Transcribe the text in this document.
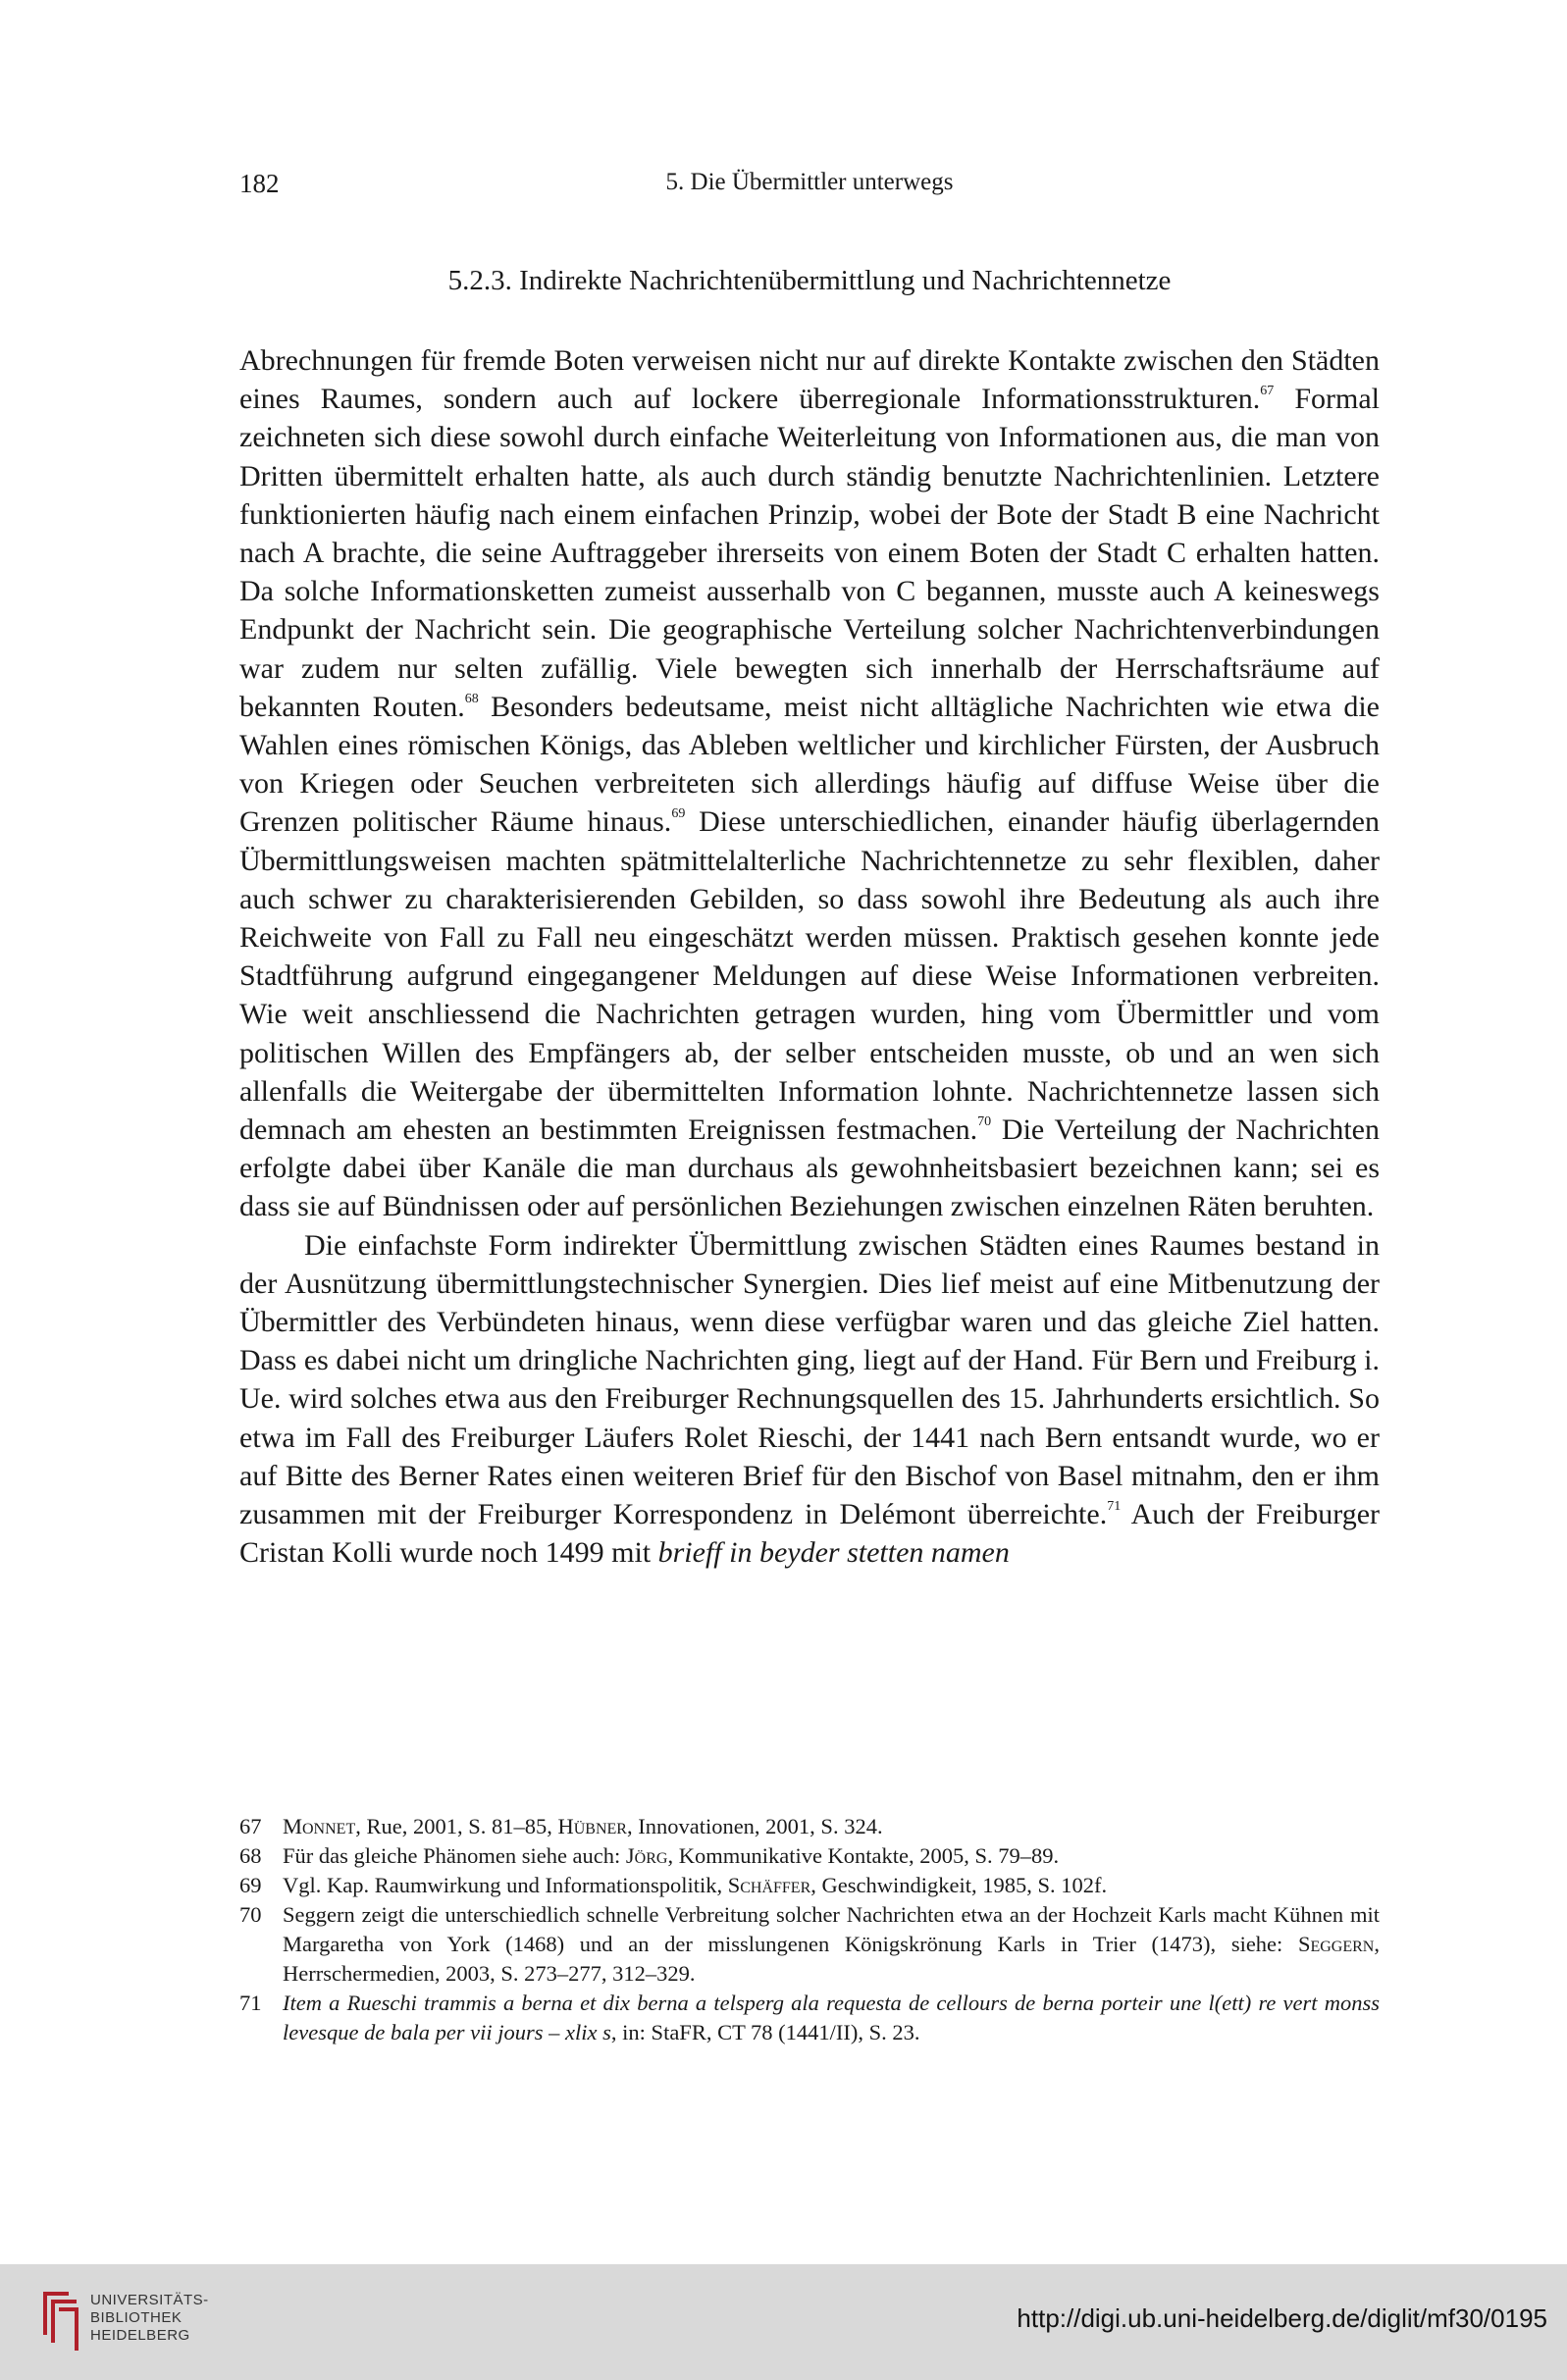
182	5. Die Übermittler unterwegs
5.2.3. Indirekte Nachrichtenübermittlung und Nachrichtennetze

Abrechnungen für fremde Boten verweisen nicht nur auf direkte Kontakte zwischen den Städten eines Raumes, sondern auch auf lockere überregionale Informationsstrukturen.$^{67}$ Formal zeichneten sich diese sowohl durch einfache Weiterleitung von Informationen aus, die man von Dritten übermittelt erhalten hatte, als auch durch ständig benutzte Nachrichtenlinien. Letztere funktionierten häufig nach einem einfachen Prinzip, wobei der Bote der Stadt B eine Nachricht nach A brachte, die seine Auftraggeber ihrerseits von einem Boten der Stadt C erhalten hatten. Da solche Informationsketten zumeist ausserhalb von C begannen, musste auch A keineswegs Endpunkt der Nachricht sein. Die geographische Verteilung solcher Nachrichtenverbindungen war zudem nur selten zufällig. Viele bewegten sich innerhalb der Herrschaftsräume auf bekannten Routen.$^{68}$ Besonders bedeutsame, meist nicht alltägliche Nachrichten wie etwa die Wahlen eines römischen Königs, das Ableben weltlicher und kirchlicher Fürsten, der Ausbruch von Kriegen oder Seuchen verbreiteten sich allerdings häufig auf diffuse Weise über die Grenzen politischer Räume hinaus.$^{69}$ Diese unterschiedlichen, einander häufig überlagernden Übermittlungsweisen machten spätmittelalterliche Nachrichtennetze zu sehr flexiblen, daher auch schwer zu charakterisierenden Gebilden, so dass sowohl ihre Bedeutung als auch ihre Reichweite von Fall zu Fall neu eingeschätzt werden müssen. Praktisch gesehen konnte jede Stadtführung aufgrund eingegangener Meldungen auf diese Weise Informationen verbreiten. Wie weit anschliessend die Nachrichten getragen wurden, hing vom Übermittler und vom politischen Willen des Empfängers ab, der selber entscheiden musste, ob und an wen sich allenfalls die Weitergabe der übermittelten Information lohnte. Nachrichtennetze lassen sich demnach am ehesten an bestimmten Ereignissen festmachen.$^{70}$ Die Verteilung der Nachrichten erfolgte dabei über Kanäle die man durchaus als gewohnheitsbasiert bezeichnen kann; sei es dass sie auf Bündnissen oder auf persönlichen Beziehungen zwischen einzelnen Räten beruhten.

Die einfachste Form indirekter Übermittlung zwischen Städten eines Raumes bestand in der Ausnützung übermittlungstechnischer Synergien. Dies lief meist auf eine Mitbenutzung der Übermittler des Verbündeten hinaus, wenn diese verfügbar waren und das gleiche Ziel hatten. Dass es dabei nicht um dringliche Nachrichten ging, liegt auf der Hand. Für Bern und Freiburg i. Ue. wird solches etwa aus den Freiburger Rechnungsquellen des 15. Jahrhunderts ersichtlich. So etwa im Fall des Freiburger Läufers Rolet Rieschi, der 1441 nach Bern entsandt wurde, wo er auf Bitte des Berner Rates einen weiteren Brief für den Bischof von Basel mitnahm, den er ihm zusammen mit der Freiburger Korrespondenz in Delémont überreichte.$^{71}$ Auch der Freiburger Cristan Kolli wurde noch 1499 mit brieff in beyder stetten namen

67 Monnet, Rue, 2001, S. 81–85, Hübner, Innovationen, 2001, S. 324.
68 Für das gleiche Phänomen siehe auch: Jörg, Kommunikative Kontakte, 2005, S. 79–89.
69 Vgl. Kap. Raumwirkung und Informationspolitik, Schäffer, Geschwindigkeit, 1985, S. 102f.
70 Seggern zeigt die unterschiedlich schnelle Verbreitung solcher Nachrichten etwa an der Hochzeit Karls macht Kühnen mit Margaretha von York (1468) und an der misslungenen Königskrönung Karls in Trier (1473), siehe: Seggern, Herrschermedien, 2003, S. 273–277, 312–329.
71 Item a Rueschi trammis a berna et dix berna a telsperg ala requesta de cellours de berna porteir une l(ett) re vert monss levesque de bala per vii jours – xlix s, in: StaFR, CT 78 (1441/II), S. 23.
UNIVERSITÄTS-
BIBLIOTHEK
HEIDELBERG
http://digi.ub.uni-heidelberg.de/diglit/mf30/0195
